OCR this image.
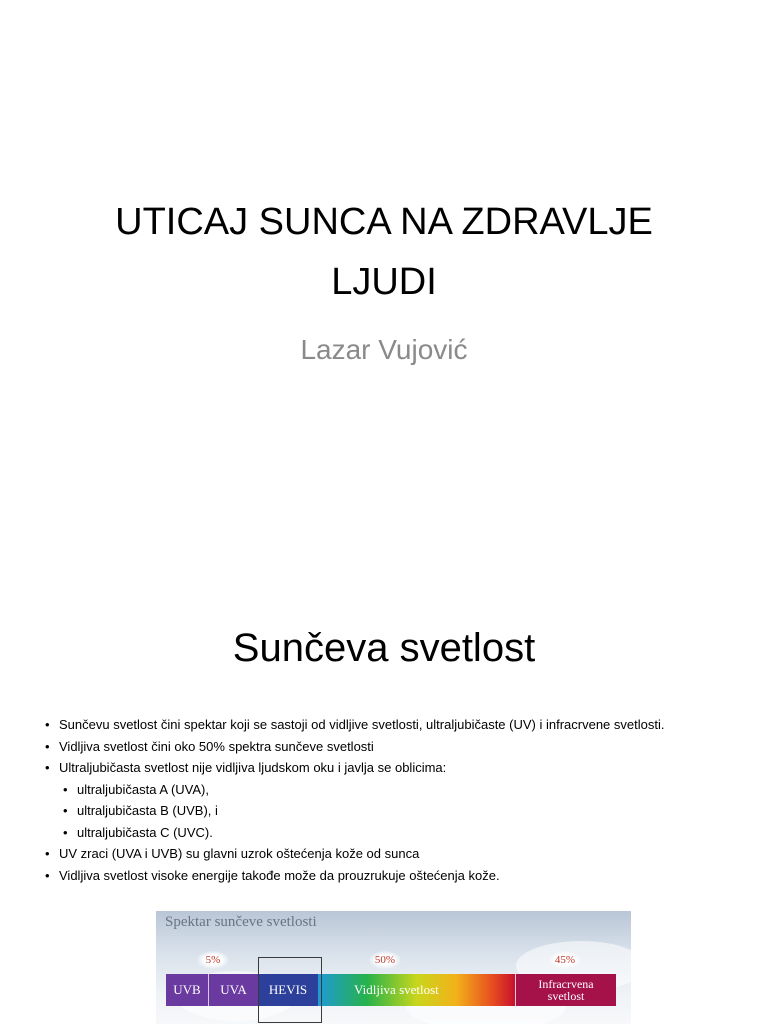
UTICAJ SUNCA NA ZDRAVLJE
LJUDI
Lazar Vujović
Sunčeva svetlost
• Sunčevu svetlost čini spektar koji se sastoji od vidljive svetlosti, ultraljubičaste (UV) i infracrvene svetlosti.
• Vidljiva svetlost čini oko 50% spektra sunčeve svetlosti
• Ultraljubičasta svetlost nije vidljiva ljudskom oku i javlja se oblicima:
• ultraljubičasta A (UVA),
• ultraljubičasta B (UVB), i
• ultraljubičasta C (UVC).
• UV zraci (UVA i UVB) su glavni uzrok oštećenja kože od sunca
• Vidljiva svetlost visoke energije takođe može da prouzrukuje oštećenja kože.
Spektar sunčeve svetlosti
5%	50%	45%
UVB	UVA	HEVIS	Vidljiva svetlost	Infracrvena
svetlost
